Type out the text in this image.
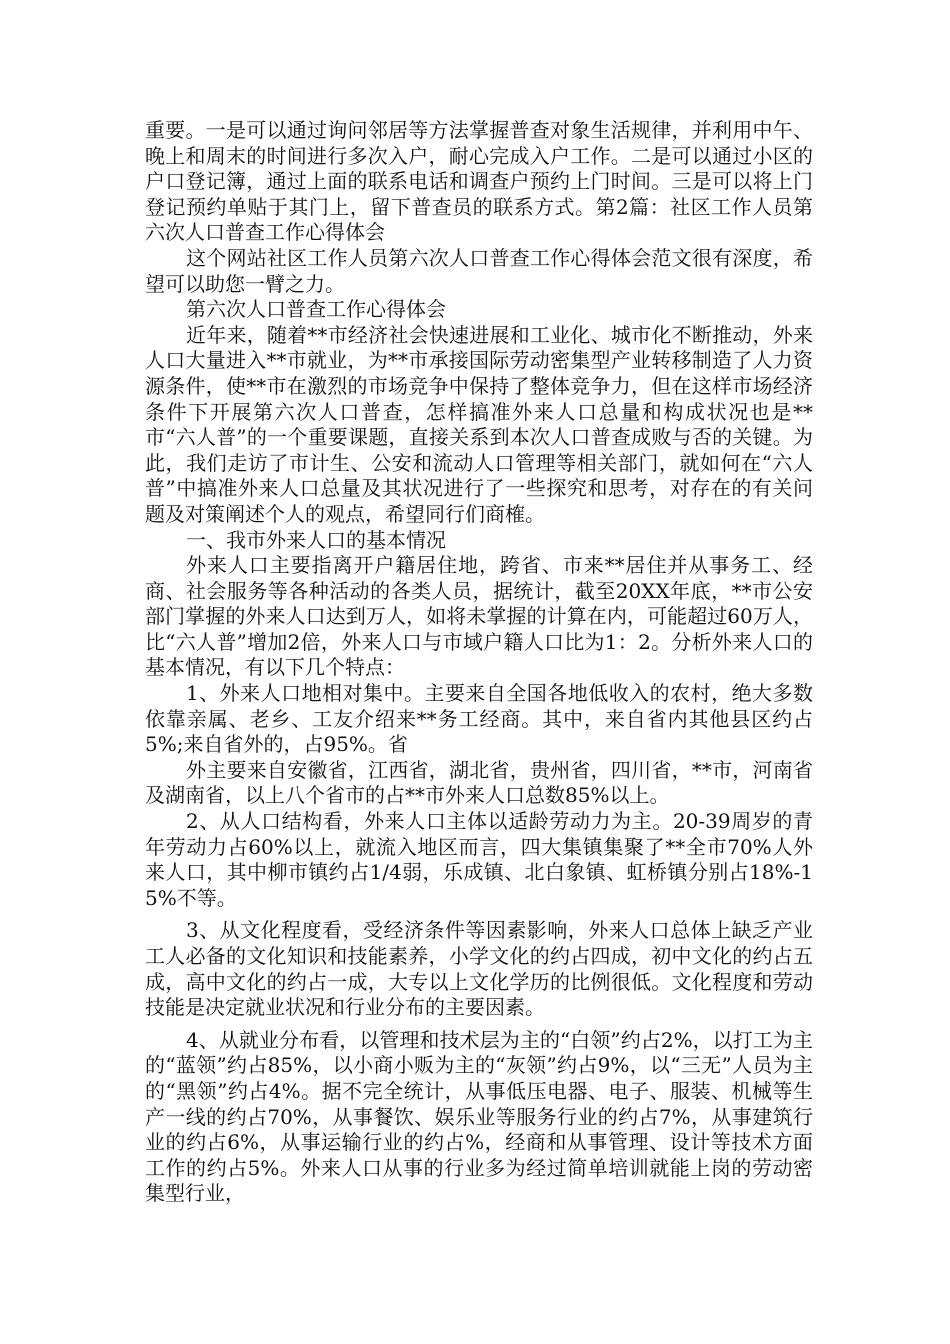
重要。一是可以通过询问邻居等方法掌握普查对象生活规律，并利用中午、晚上和周末的时间进行多次入户，耐心完成入户工作。二是可以通过小区的户口登记簿，通过上面的联系电话和调查户预约上门时间。三是可以将上门登记预约单贴于其门上，留下普查员的联系方式。第2篇：社区工作人员第六次人口普查工作心得体会

这个网站社区工作人员第六次人口普查工作心得体会范文很有深度，希望可以助您一臂之力。

第六次人口普查工作心得体会

近年来，随着**市经济社会快速进展和工业化、城市化不断推动，外来人口大量进入**市就业，为**市承接国际劳动密集型产业转移制造了人力资源条件，使**市在激烈的市场竞争中保持了整体竞争力，但在这样市场经济条件下开展第六次人口普查，怎样搞准外来人口总量和构成状况也是**市“六人普”的一个重要课题，直接关系到本次人口普查成败与否的关键。为此，我们走访了市计生、公安和流动人口管理等相关部门，就如何在“六人普”中搞准外来人口总量及其状况进行了一些探究和思考，对存在的有关问题及对策阐述个人的观点，希望同行们商榷。

一、我市外来人口的基本情况

外来人口主要指离开户籍居住地，跨省、市来**居住并从事务工、经商、社会服务等各种活动的各类人员，据统计，截至20XX年底，**市公安部门掌握的外来人口达到万人，如将未掌握的计算在内，可能超过60万人，比“六人普”增加2倍，外来人口与市域户籍人口比为1：2。分析外来人口的基本情况，有以下几个特点：

1、外来人口地相对集中。主要来自全国各地低收入的农村，绝大多数依靠亲属、老乡、工友介绍来**务工经商。其中，来自省内其他县区约占5%;来自省外的，占95%。省

外主要来自安徽省，江西省，湖北省，贵州省，四川省，**市，河南省及湖南省，以上八个省市的占**市外来人口总数85%以上。

2、从人口结构看，外来人口主体以适龄劳动力为主。20-39周岁的青年劳动力占60%以上，就流入地区而言，四大集镇集聚了**全市70%人外来人口，其中柳市镇约占1/4弱，乐成镇、北白象镇、虹桥镇分别占18%-15%不等。

3、从文化程度看，受经济条件等因素影响，外来人口总体上缺乏产业工人必备的文化知识和技能素养，小学文化的约占四成，初中文化的约占五成，高中文化的约占一成，大专以上文化学历的比例很低。文化程度和劳动技能是决定就业状况和行业分布的主要因素。

4、从就业分布看，以管理和技术层为主的“白领”约占2%，以打工为主的“蓝领”约占85%，以小商小贩为主的“灰领”约占9%，以“三无”人员为主的“黑领”约占4%。据不完全统计，从事低压电器、电子、服装、机械等生产一线的约占70%，从事餐饮、娱乐业等服务行业的约占7%，从事建筑行业的约占6%，从事运输行业的约占%，经商和从事管理、设计等技术方面工作的约占5%。外来人口从事的行业多为经过简单培训就能上岗的劳动密集型行业，
